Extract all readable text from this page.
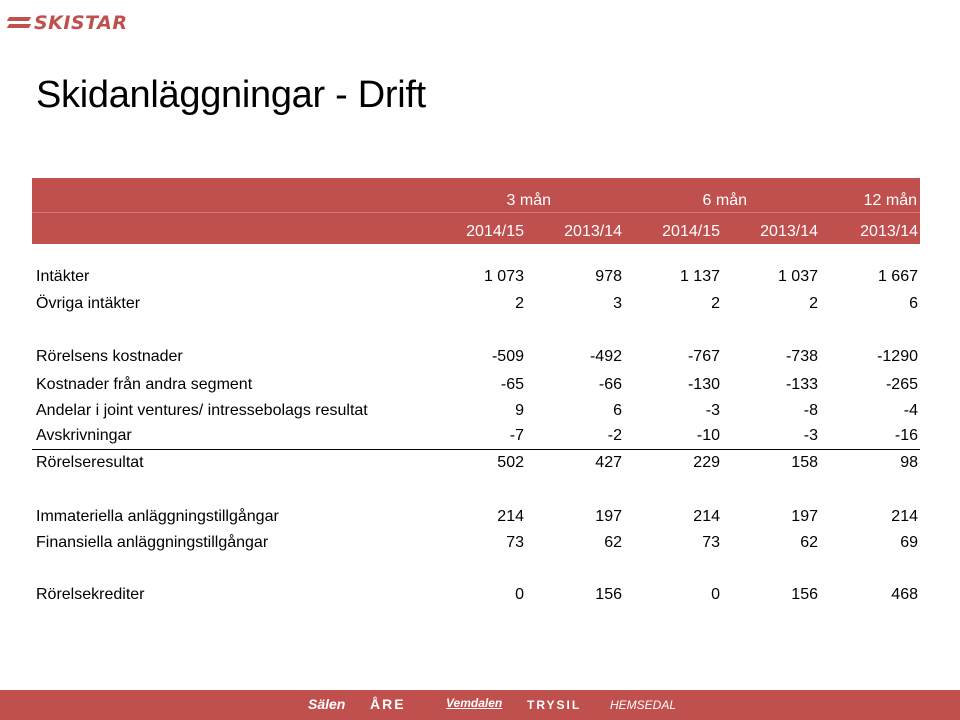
SKISTAR
Skidanläggningar - Drift
3 mån	6 mån	12 mån
2014/15	2013/14	2014/15	2013/14	2013/14
Intäkter	1 073	978	1 137	1 037	1 667
Övriga intäkter	2	3	2	2	6
Rörelsens kostnader	-509	-492	-767	-738	-1290
Kostnader från andra segment	-65	-66	-130	-133	-265
Andelar i joint ventures/ intressebolags resultat	9	6	-3	-8	-4
Avskrivningar	-7	-2	-10	-3	-16
Rörelseresultat	502	427	229	158	98
Immateriella anläggningstillgångar	214	197	214	197	214
Finansiella anläggningstillgångar	73	62	73	62	69
Rörelsekrediter	0	156	0	156	468
Sälen ÅRE	Vemdalen TRYSIL HEMSEDAL
